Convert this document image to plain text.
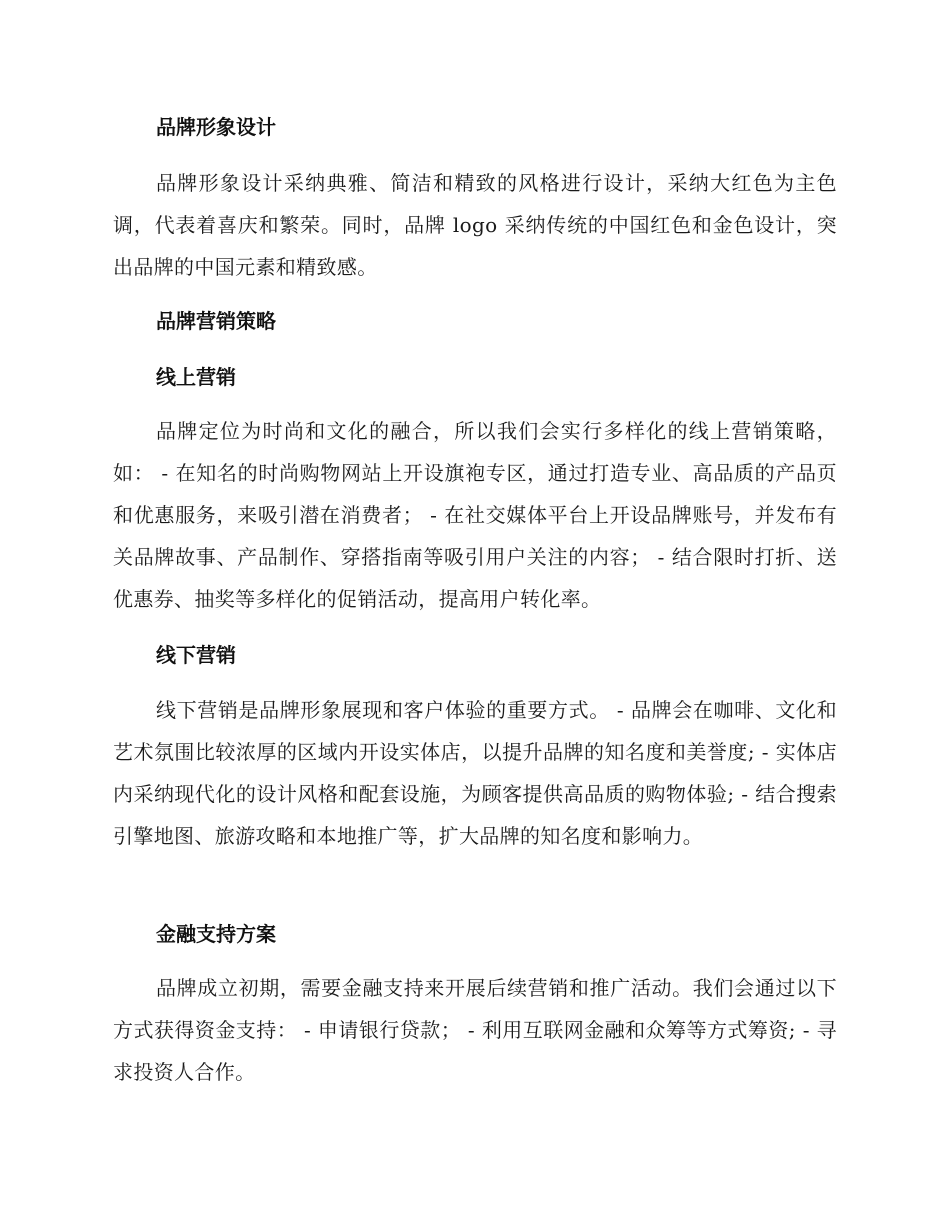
品牌形象设计

品牌形象设计采纳典雅、简洁和精致的风格进行设计，采纳大红色为主色调，代表着喜庆和繁荣。同时，品牌 logo 采纳传统的中国红色和金色设计，突出品牌的中国元素和精致感。

品牌营销策略
线上营销

品牌定位为时尚和文化的融合，所以我们会实行多样化的线上营销策略，如： - 在知名的时尚购物网站上开设旗袍专区，通过打造专业、高品质的产品页和优惠服务，来吸引潜在消费者； - 在社交媒体平台上开设品牌账号，并发布有关品牌故事、产品制作、穿搭指南等吸引用户关注的内容； - 结合限时打折、送优惠券、抽奖等多样化的促销活动，提高用户转化率。

线下营销

线下营销是品牌形象展现和客户体验的重要方式。 - 品牌会在咖啡、文化和艺术氛围比较浓厚的区域内开设实体店，以提升品牌的知名度和美誉度; - 实体店内采纳现代化的设计风格和配套设施，为顾客提供高品质的购物体验; - 结合搜索引擎地图、旅游攻略和本地推广等，扩大品牌的知名度和影响力。

金融支持方案

品牌成立初期，需要金融支持来开展后续营销和推广活动。我们会通过以下方式获得资金支持： - 申请银行贷款； - 利用互联网金融和众筹等方式筹资; - 寻求投资人合作。
